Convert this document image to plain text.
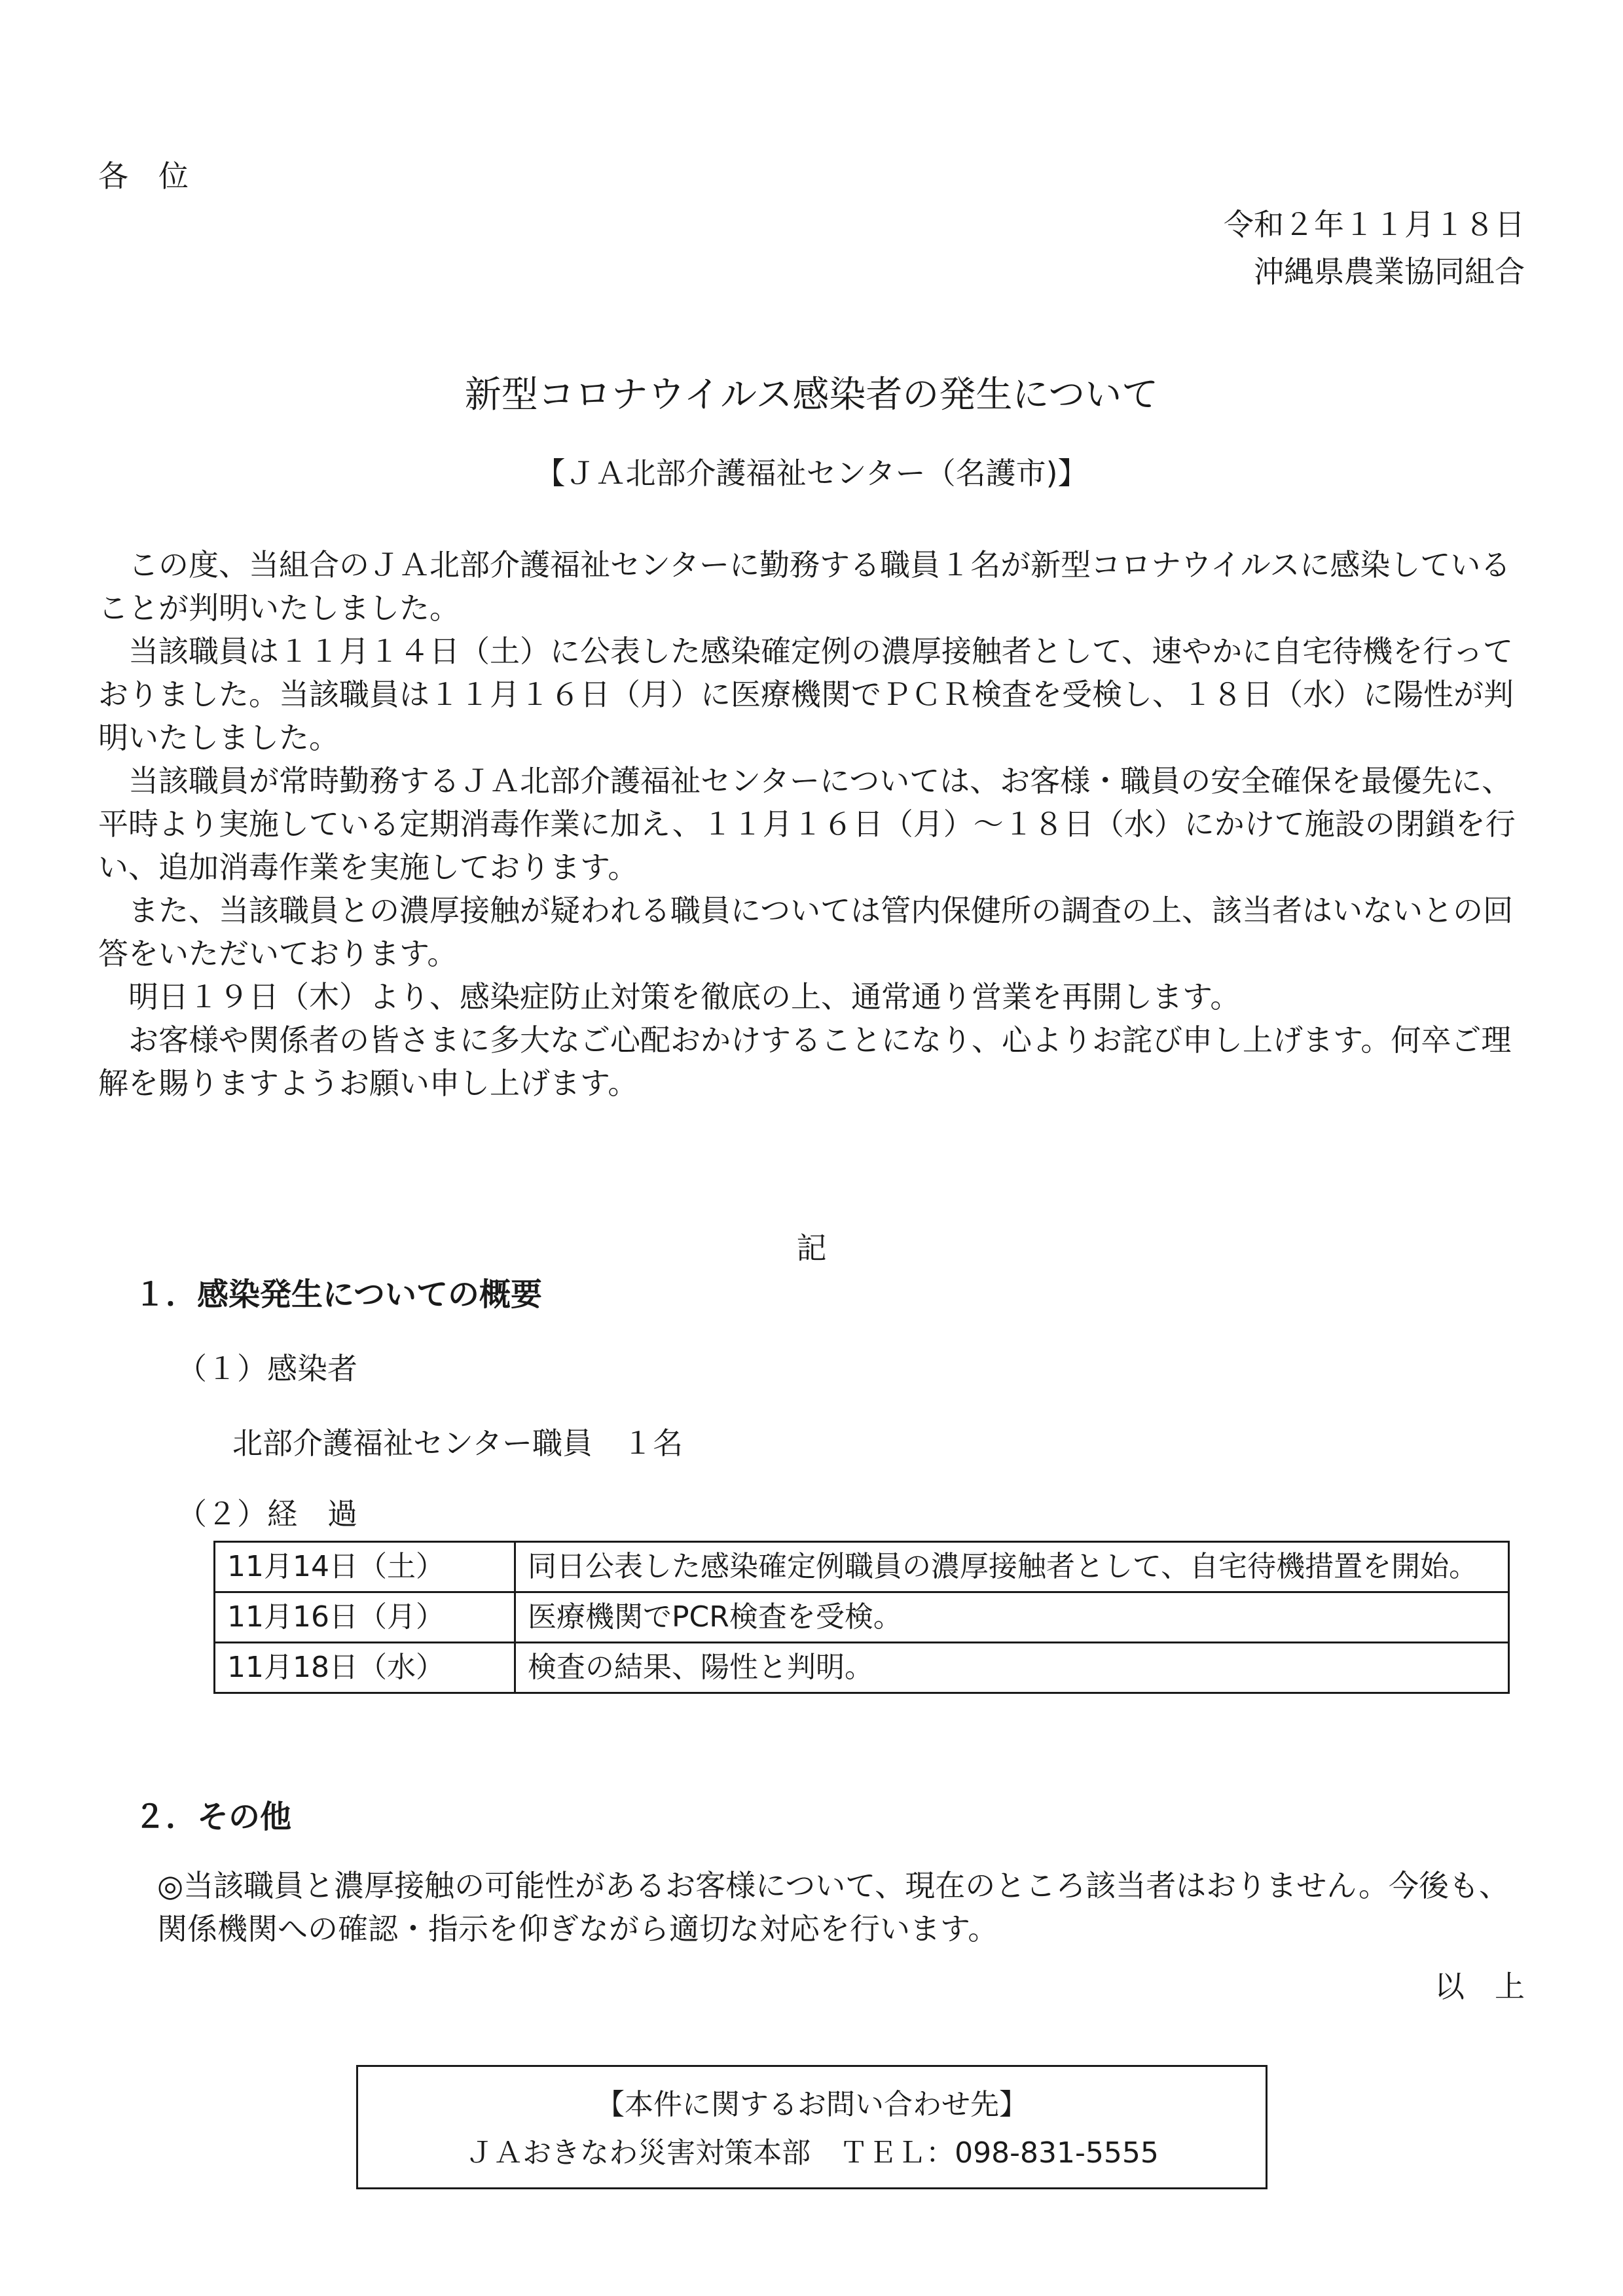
各　位
令和２年１１月１８日
沖縄県農業協同組合
新型コロナウイルス感染者の発生について
【ＪＡ北部介護福祉センター（名護市)】

　この度、当組合のＪＡ北部介護福祉センターに勤務する職員１名が新型コロナウイルスに感染していることが判明いたしました。

　当該職員は１１月１４日（土）に公表した感染確定例の濃厚接触者として、速やかに自宅待機を行っておりました。当該職員は１１月１６日（月）に医療機関でＰＣＲ検査を受検し、１８日（水）に陽性が判明いたしました。

　当該職員が常時勤務するＪＡ北部介護福祉センターについては、お客様・職員の安全確保を最優先に、平時より実施している定期消毒作業に加え、１１月１６日（月）～１８日（水）にかけて施設の閉鎖を行い、追加消毒作業を実施しております。

　また、当該職員との濃厚接触が疑われる職員については管内保健所の調査の上、該当者はいないとの回答をいただいております。

　明日１９日（木）より、感染症防止対策を徹底の上、通常通り営業を再開します。

　お客様や関係者の皆さまに多大なご心配おかけすることになり、心よりお詫び申し上げます。何卒ご理解を賜りますようお願い申し上げます。

記
１．感染発生についての概要
（１）感染者
北部介護福祉センター職員　１名
（２）経　過
11月14日（土）	同日公表した感染確定例職員の濃厚接触者として、自宅待機措置を開始。
11月16日（月）	医療機関でPCR検査を受検。
11月18日（水）	検査の結果、陽性と判明。
２．その他

◎当該職員と濃厚接触の可能性があるお客様について、現在のところ該当者はおりません。今後も、関係機関への確認・指示を仰ぎながら適切な対応を行います。

以　上
【本件に関するお問い合わせ先】
ＪＡおきなわ災害対策本部　ＴＥＬ：098-831-5555
